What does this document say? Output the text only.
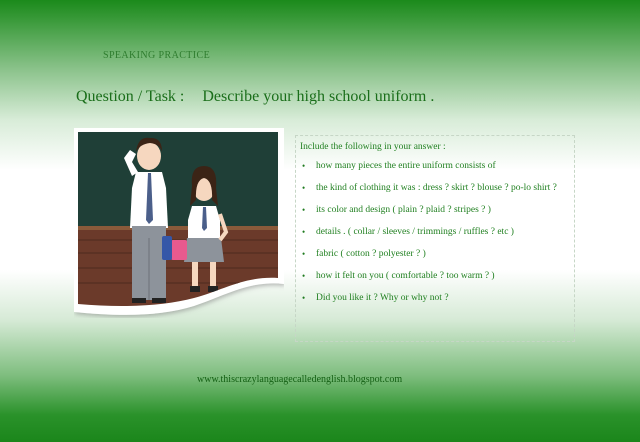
SPEAKING PRACTICE
Question / Task : Describe your high school uniform .

Include the following in your answer :

• how many pieces the entire uniform consists of
• the kind of clothing it was : dress ? skirt ? blouse ? po-lo shirt ?
• its color and design ( plain ? plaid ? stripes ? )
• details . ( collar / sleeves / trimmings / ruffles ? etc )
• fabric ( cotton ? polyester ? )
• how it felt on you ( comfortable ? too warm ? )
• Did you like it ? Why or why not ?
www.thiscrazylanguagecalledenglish.blogspot.com
